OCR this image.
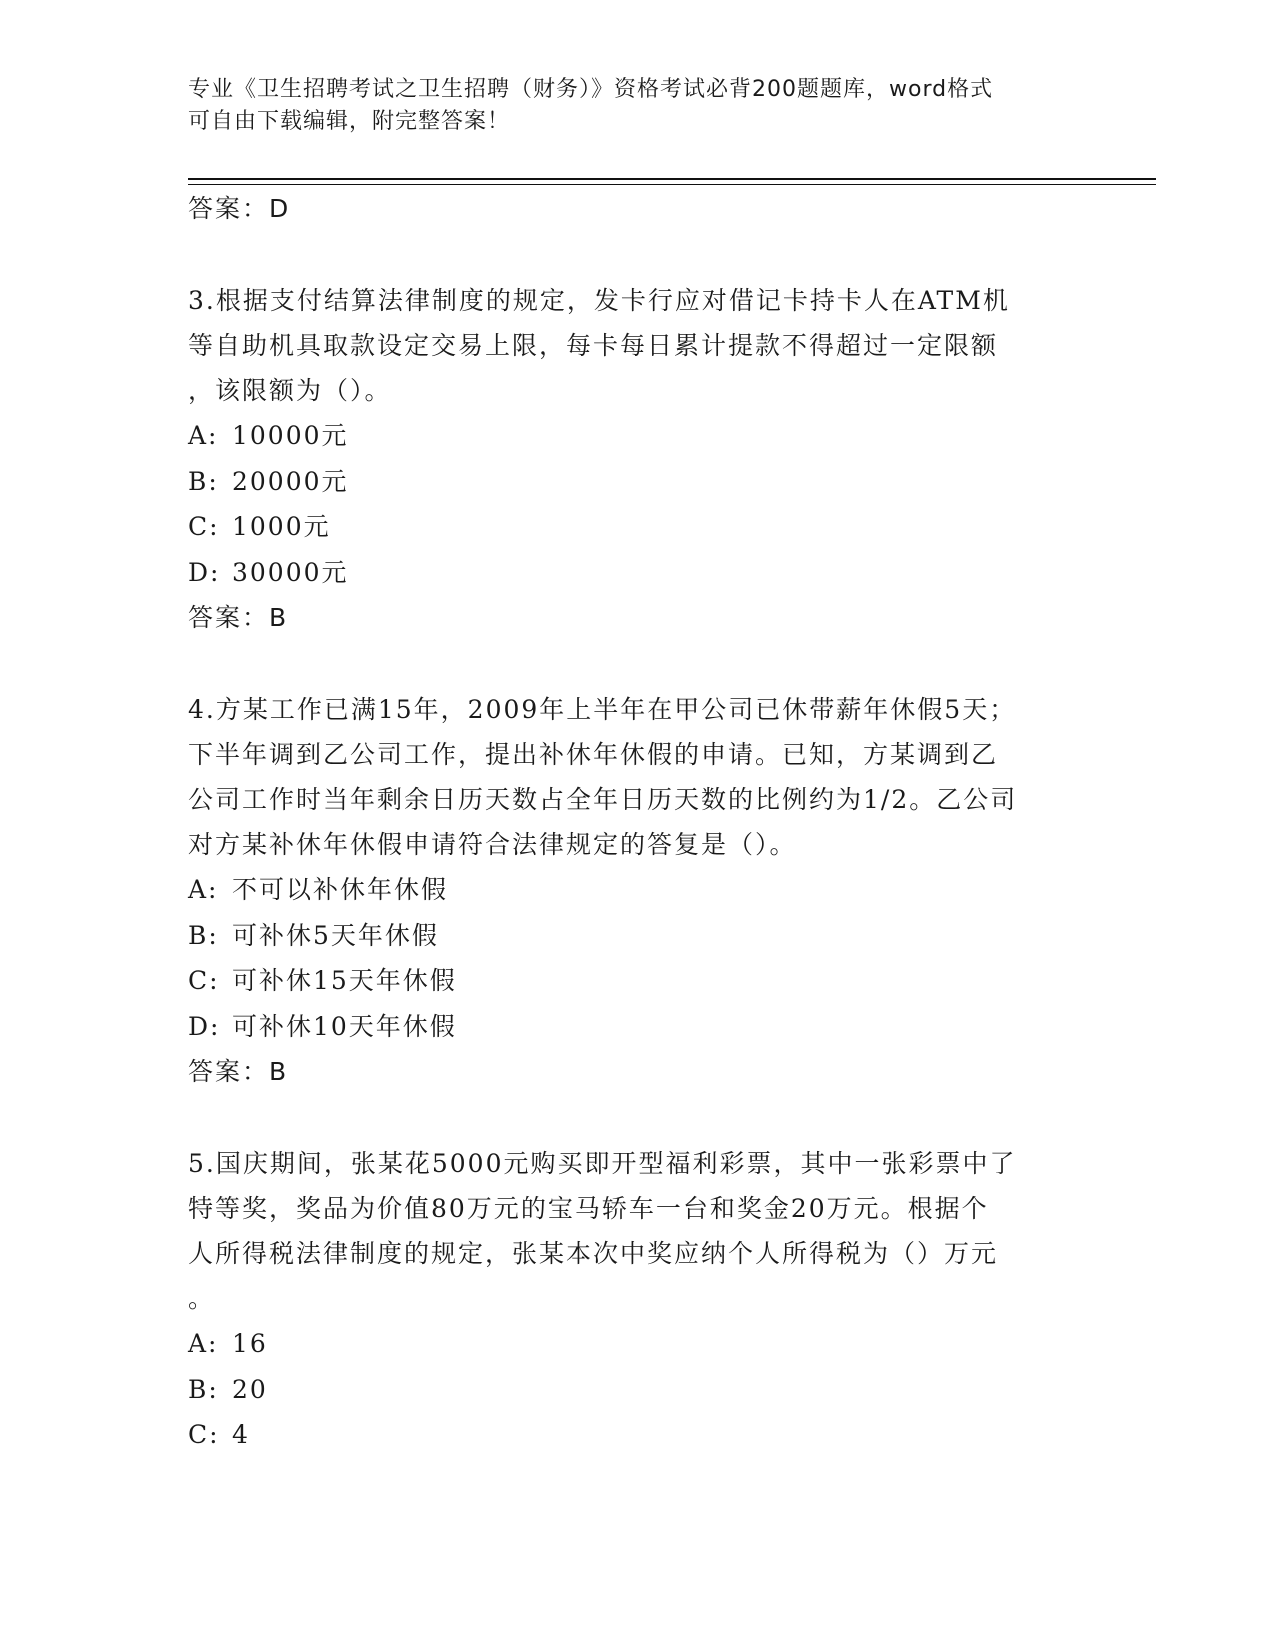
专业《卫生招聘考试之卫生招聘（财务）》资格考试必背200题题库，word格式
可自由下载编辑，附完整答案！
答案：D
3.根据支付结算法律制度的规定，发卡行应对借记卡持卡人在ATM机
等自助机具取款设定交易上限，每卡每日累计提款不得超过一定限额
，该限额为（）。
A: 10000元
B: 20000元
C: 1000元
D: 30000元
答案：B
4.方某工作已满15年，2009年上半年在甲公司已休带薪年休假5天；
下半年调到乙公司工作，提出补休年休假的申请。已知，方某调到乙
公司工作时当年剩余日历天数占全年日历天数的比例约为1/2。乙公司
对方某补休年休假申请符合法律规定的答复是（）。
A: 不可以补休年休假
B: 可补休5天年休假
C: 可补休15天年休假
D: 可补休10天年休假
答案：B
5.国庆期间，张某花5000元购买即开型福利彩票，其中一张彩票中了
特等奖，奖品为价值80万元的宝马轿车一台和奖金20万元。根据个
人所得税法律制度的规定，张某本次中奖应纳个人所得税为（）万元
。
A: 16
B: 20
C: 4
